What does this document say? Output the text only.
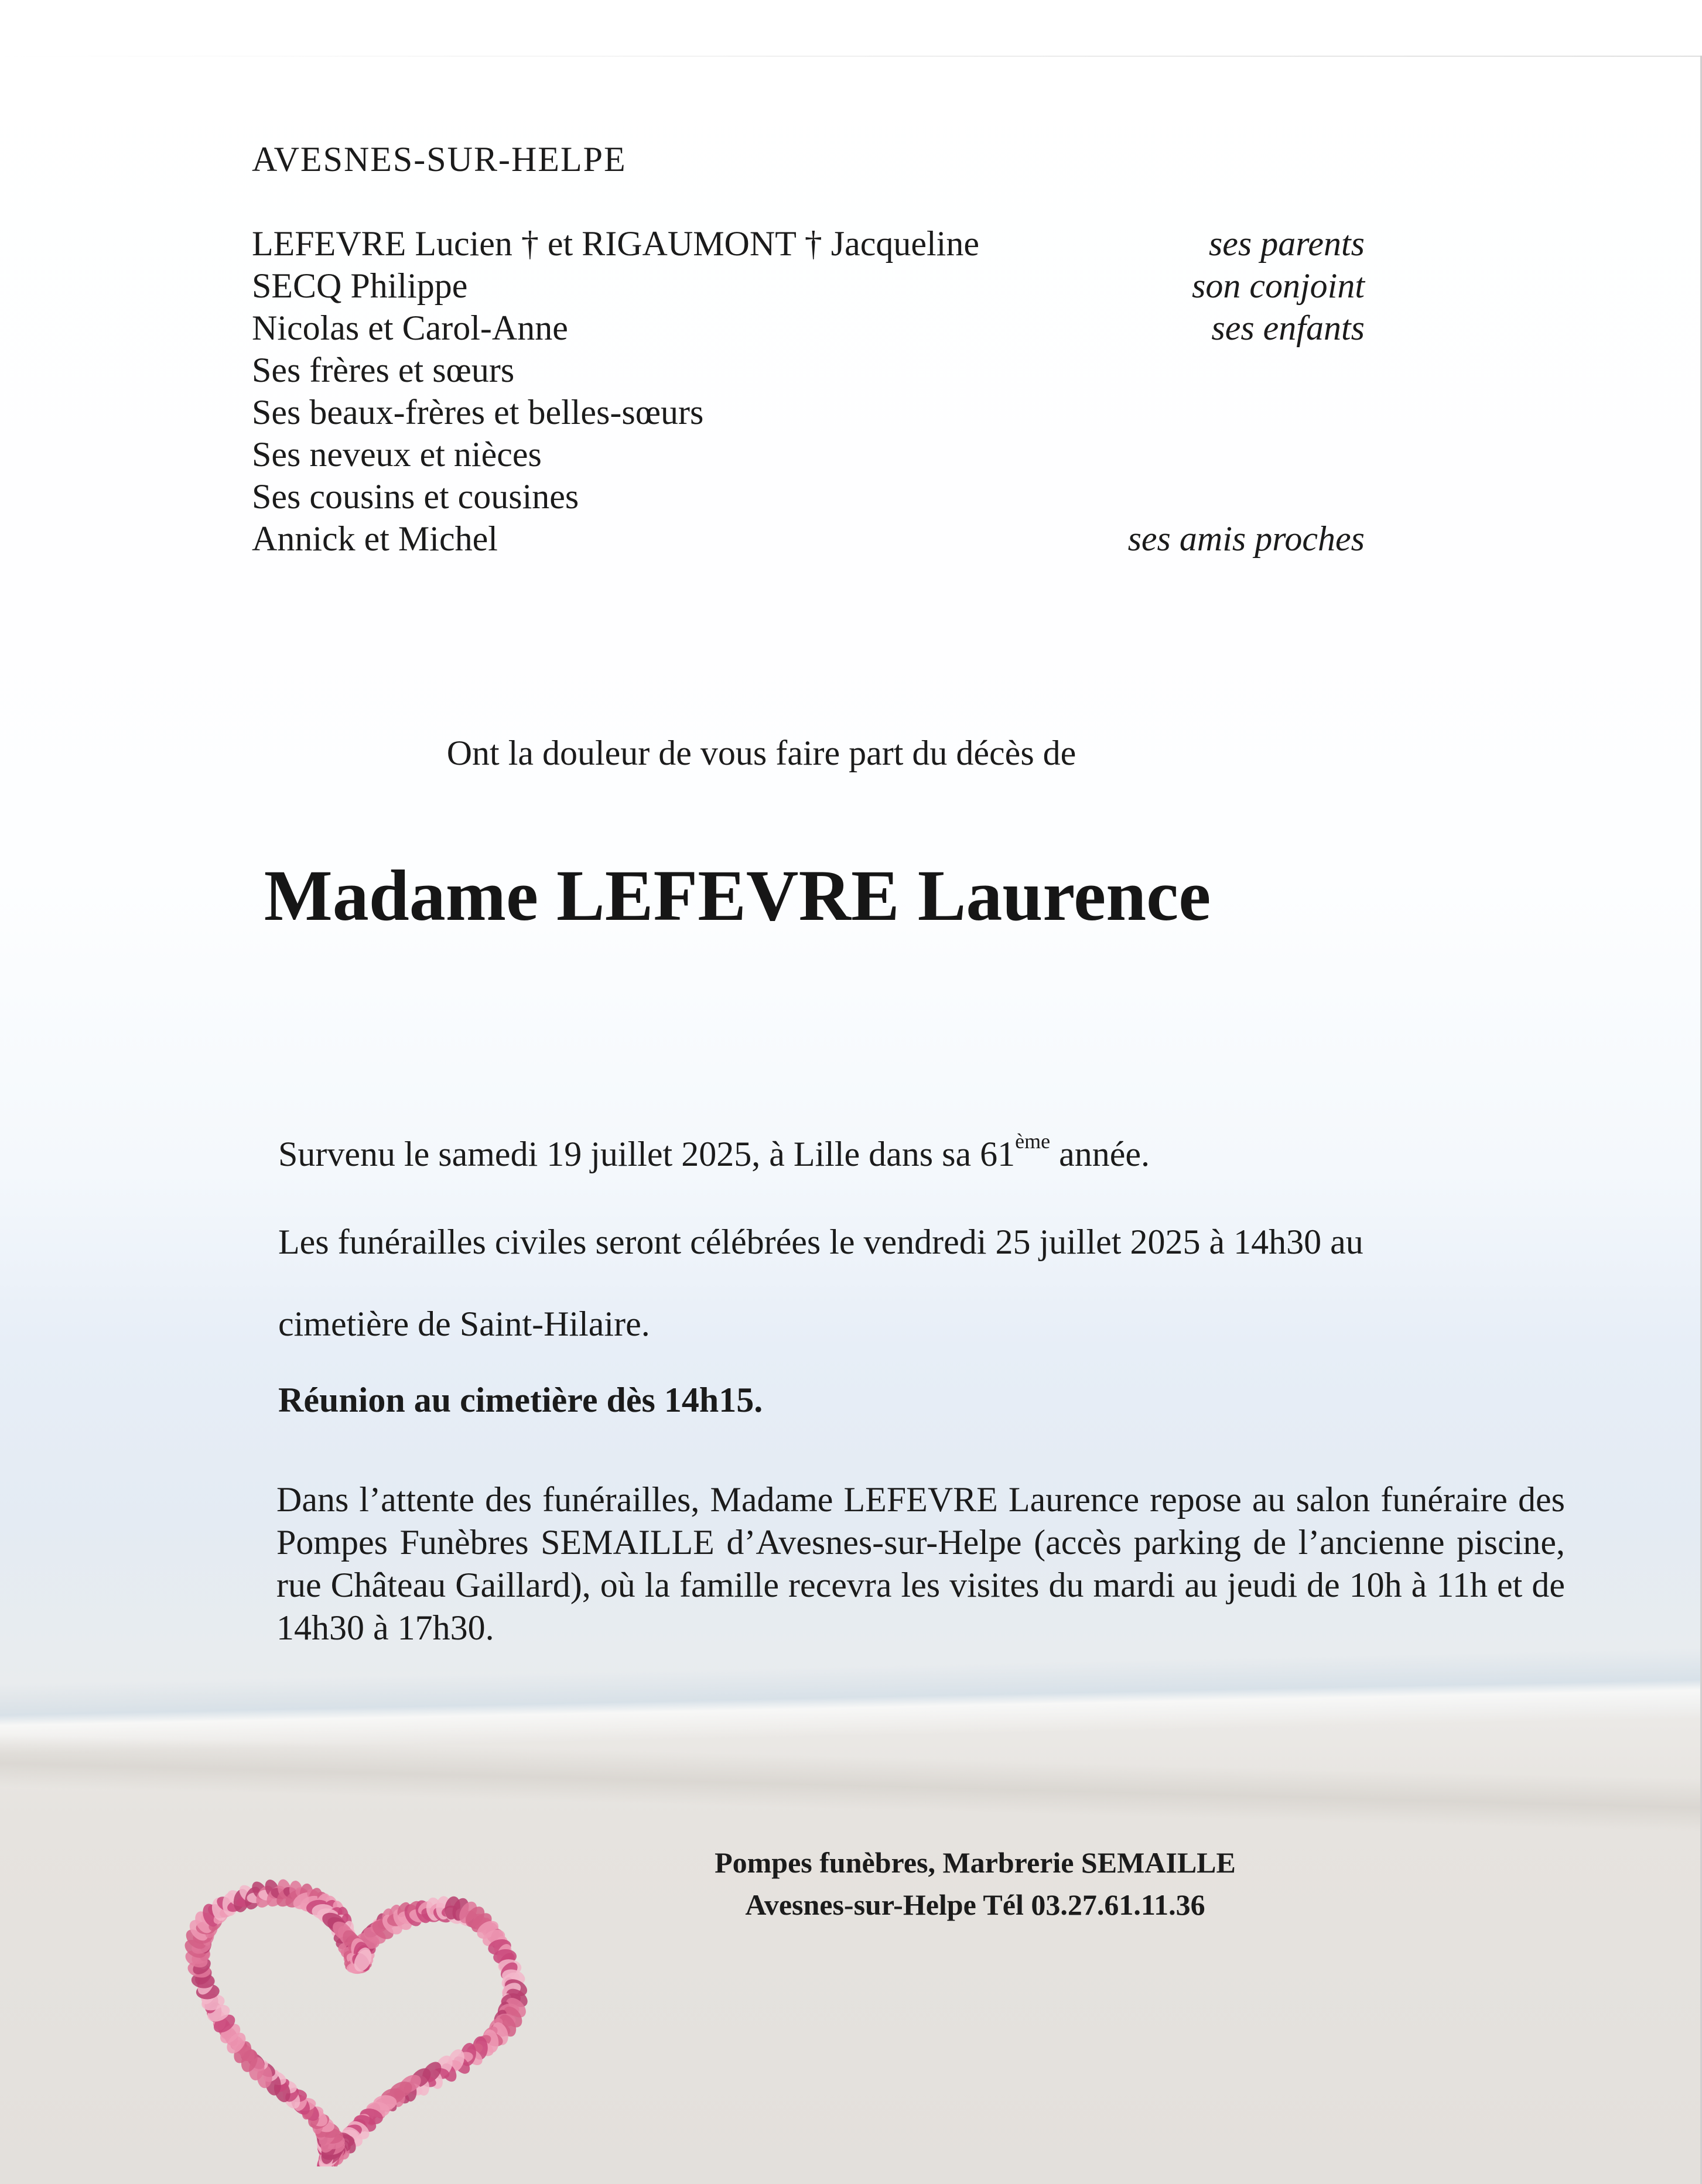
AVESNES-SUR-HELPE
LEFEVRE Lucien † et RIGAUMONT † Jacqueline	ses parents
SECQ Philippe	son conjoint
Nicolas et Carol-Anne	ses enfants
Ses frères et sœurs
Ses beaux-frères et belles-sœurs
Ses neveux et nièces
Ses cousins et cousines
Annick et Michel	ses amis proches
Ont la douleur de vous faire part du décès de
Madame LEFEVRE Laurence
Survenu le samedi 19 juillet 2025, à Lille dans sa 61ème année.
Les funérailles civiles seront célébrées le vendredi 25 juillet 2025 à 14h30 au
cimetière de Saint-Hilaire.
Réunion au cimetière dès 14h15.
Dans l’attente des funérailles, Madame LEFEVRE Laurence repose au salon funéraire des Pompes Funèbres SEMAILLE d’Avesnes-sur-Helpe (accès parking de l’ancienne piscine, rue Château Gaillard), où la famille recevra les visites du mardi au jeudi de 10h à 11h et de 14h30 à 17h30.
Pompes funèbres, Marbrerie SEMAILLE
Avesnes-sur-Helpe Tél 03.27.61.11.36
